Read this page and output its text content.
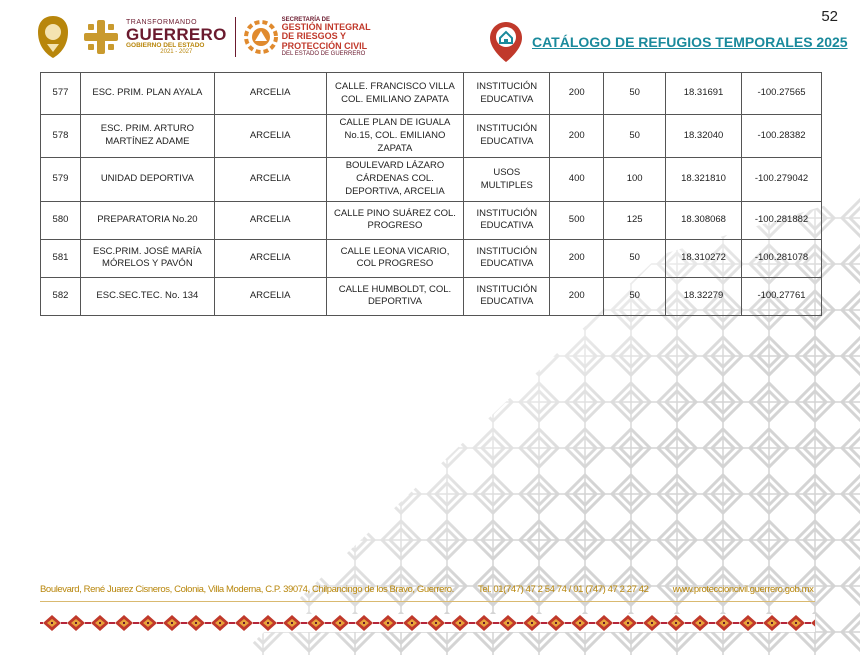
52
TRANSFORMANDO
GUERRERO
GOBIERNO DEL ESTADO
2021 - 2027
SECRETARÍA DE
GESTIÓN INTEGRAL
DE RIESGOS Y
PROTECCIÓN CIVIL
DEL ESTADO DE GUERRERO
CATÁLOGO DE REFUGIOS TEMPORALES 2025
577	ESC. PRIM. PLAN AYALA	ARCELIA	CALLE. FRANCISCO VILLA COL. EMILIANO ZAPATA	INSTITUCIÓN EDUCATIVA	200	50	18.31691	-100.27565
578	ESC. PRIM. ARTURO MARTÍNEZ ADAME	ARCELIA	CALLE PLAN DE IGUALA No.15, COL. EMILIANO ZAPATA	INSTITUCIÓN EDUCATIVA	200	50	18.32040	-100.28382
579	UNIDAD DEPORTIVA	ARCELIA	BOULEVARD LÁZARO CÁRDENAS COL. DEPORTIVA, ARCELIA	USOS MULTIPLES	400	100	18.321810	-100.279042
580	PREPARATORIA No.20	ARCELIA	CALLE PINO SUÁREZ COL. PROGRESO	INSTITUCIÓN EDUCATIVA	500	125	18.308068	-100.281882
581	ESC.PRIM. JOSÉ MARÍA MÓRELOS Y PAVÓN	ARCELIA	CALLE LEONA VICARIO, COL PROGRESO	INSTITUCIÓN EDUCATIVA	200	50	18.310272	-100.281078
582	ESC.SEC.TEC. No. 134	ARCELIA	CALLE HUMBOLDT, COL. DEPORTIVA	INSTITUCIÓN EDUCATIVA	200	50	18.32279	-100.27761
Boulevard, René Juarez Cisneros, Colonia, Villa Moderna, C.P. 39074, Chilpancingo de los Bravo, Guerrero.	Tel. 01(747) 47 2 54 74 / 01 (747) 47 2 27 42	www.proteccioncivil.guerrero.gob.mx
